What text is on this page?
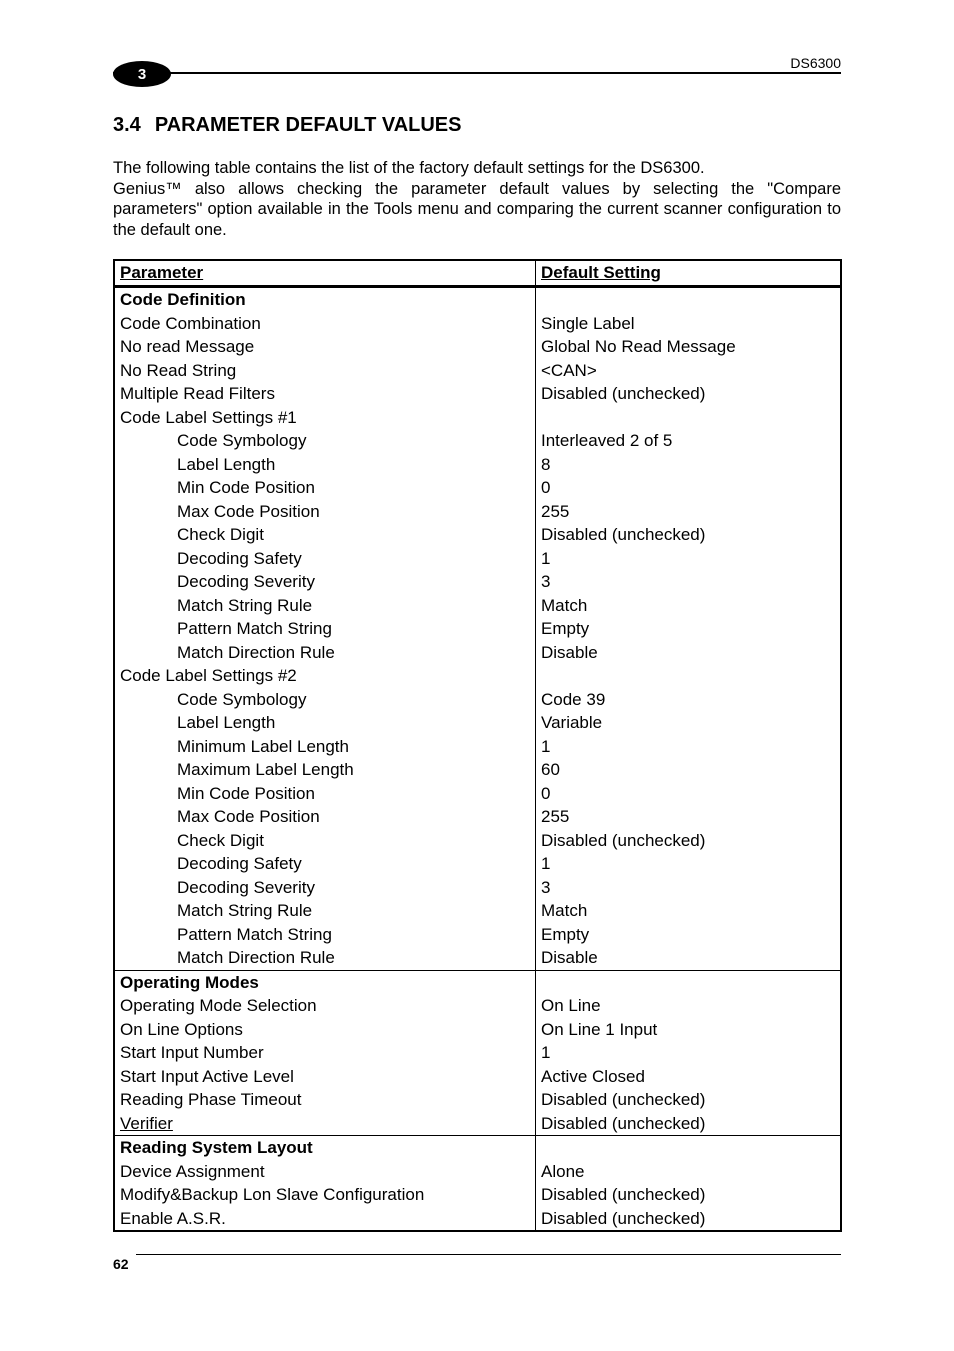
3
DS6300
3.4 PARAMETER DEFAULT VALUES

The following table contains the list of the factory default settings for the DS6300.

Genius™ also allows checking the parameter default values by selecting the "Compare parameters" option available in the Tools menu and comparing the current scanner configuration to the default one.

Parameter	Default Setting
Code Definition	
Code Combination	Single Label
No read Message	Global No Read Message
No Read String	<CAN>
Multiple Read Filters	Disabled (unchecked)
Code Label Settings #1	
Code Symbology	Interleaved 2 of 5
Label Length	8
Min Code Position	0
Max Code Position	255
Check Digit	Disabled (unchecked)
Decoding Safety	1
Decoding Severity	3
Match String Rule	Match
Pattern Match String	Empty
Match Direction Rule	Disable
Code Label Settings #2	
Code Symbology	Code 39
Label Length	Variable
Minimum Label Length	1
Maximum Label Length	60
Min Code Position	0
Max Code Position	255
Check Digit	Disabled (unchecked)
Decoding Safety	1
Decoding Severity	3
Match String Rule	Match
Pattern Match String	Empty
Match Direction Rule	Disable
Operating Modes	
Operating Mode Selection	On Line
On Line Options	On Line 1 Input
Start Input Number	1
Start Input Active Level	Active Closed
Reading Phase Timeout	Disabled (unchecked)
Verifier	Disabled (unchecked)
Reading System Layout	
Device Assignment	Alone
Modify&Backup Lon Slave Configuration	Disabled (unchecked)
Enable A.S.R.	Disabled (unchecked)
62
